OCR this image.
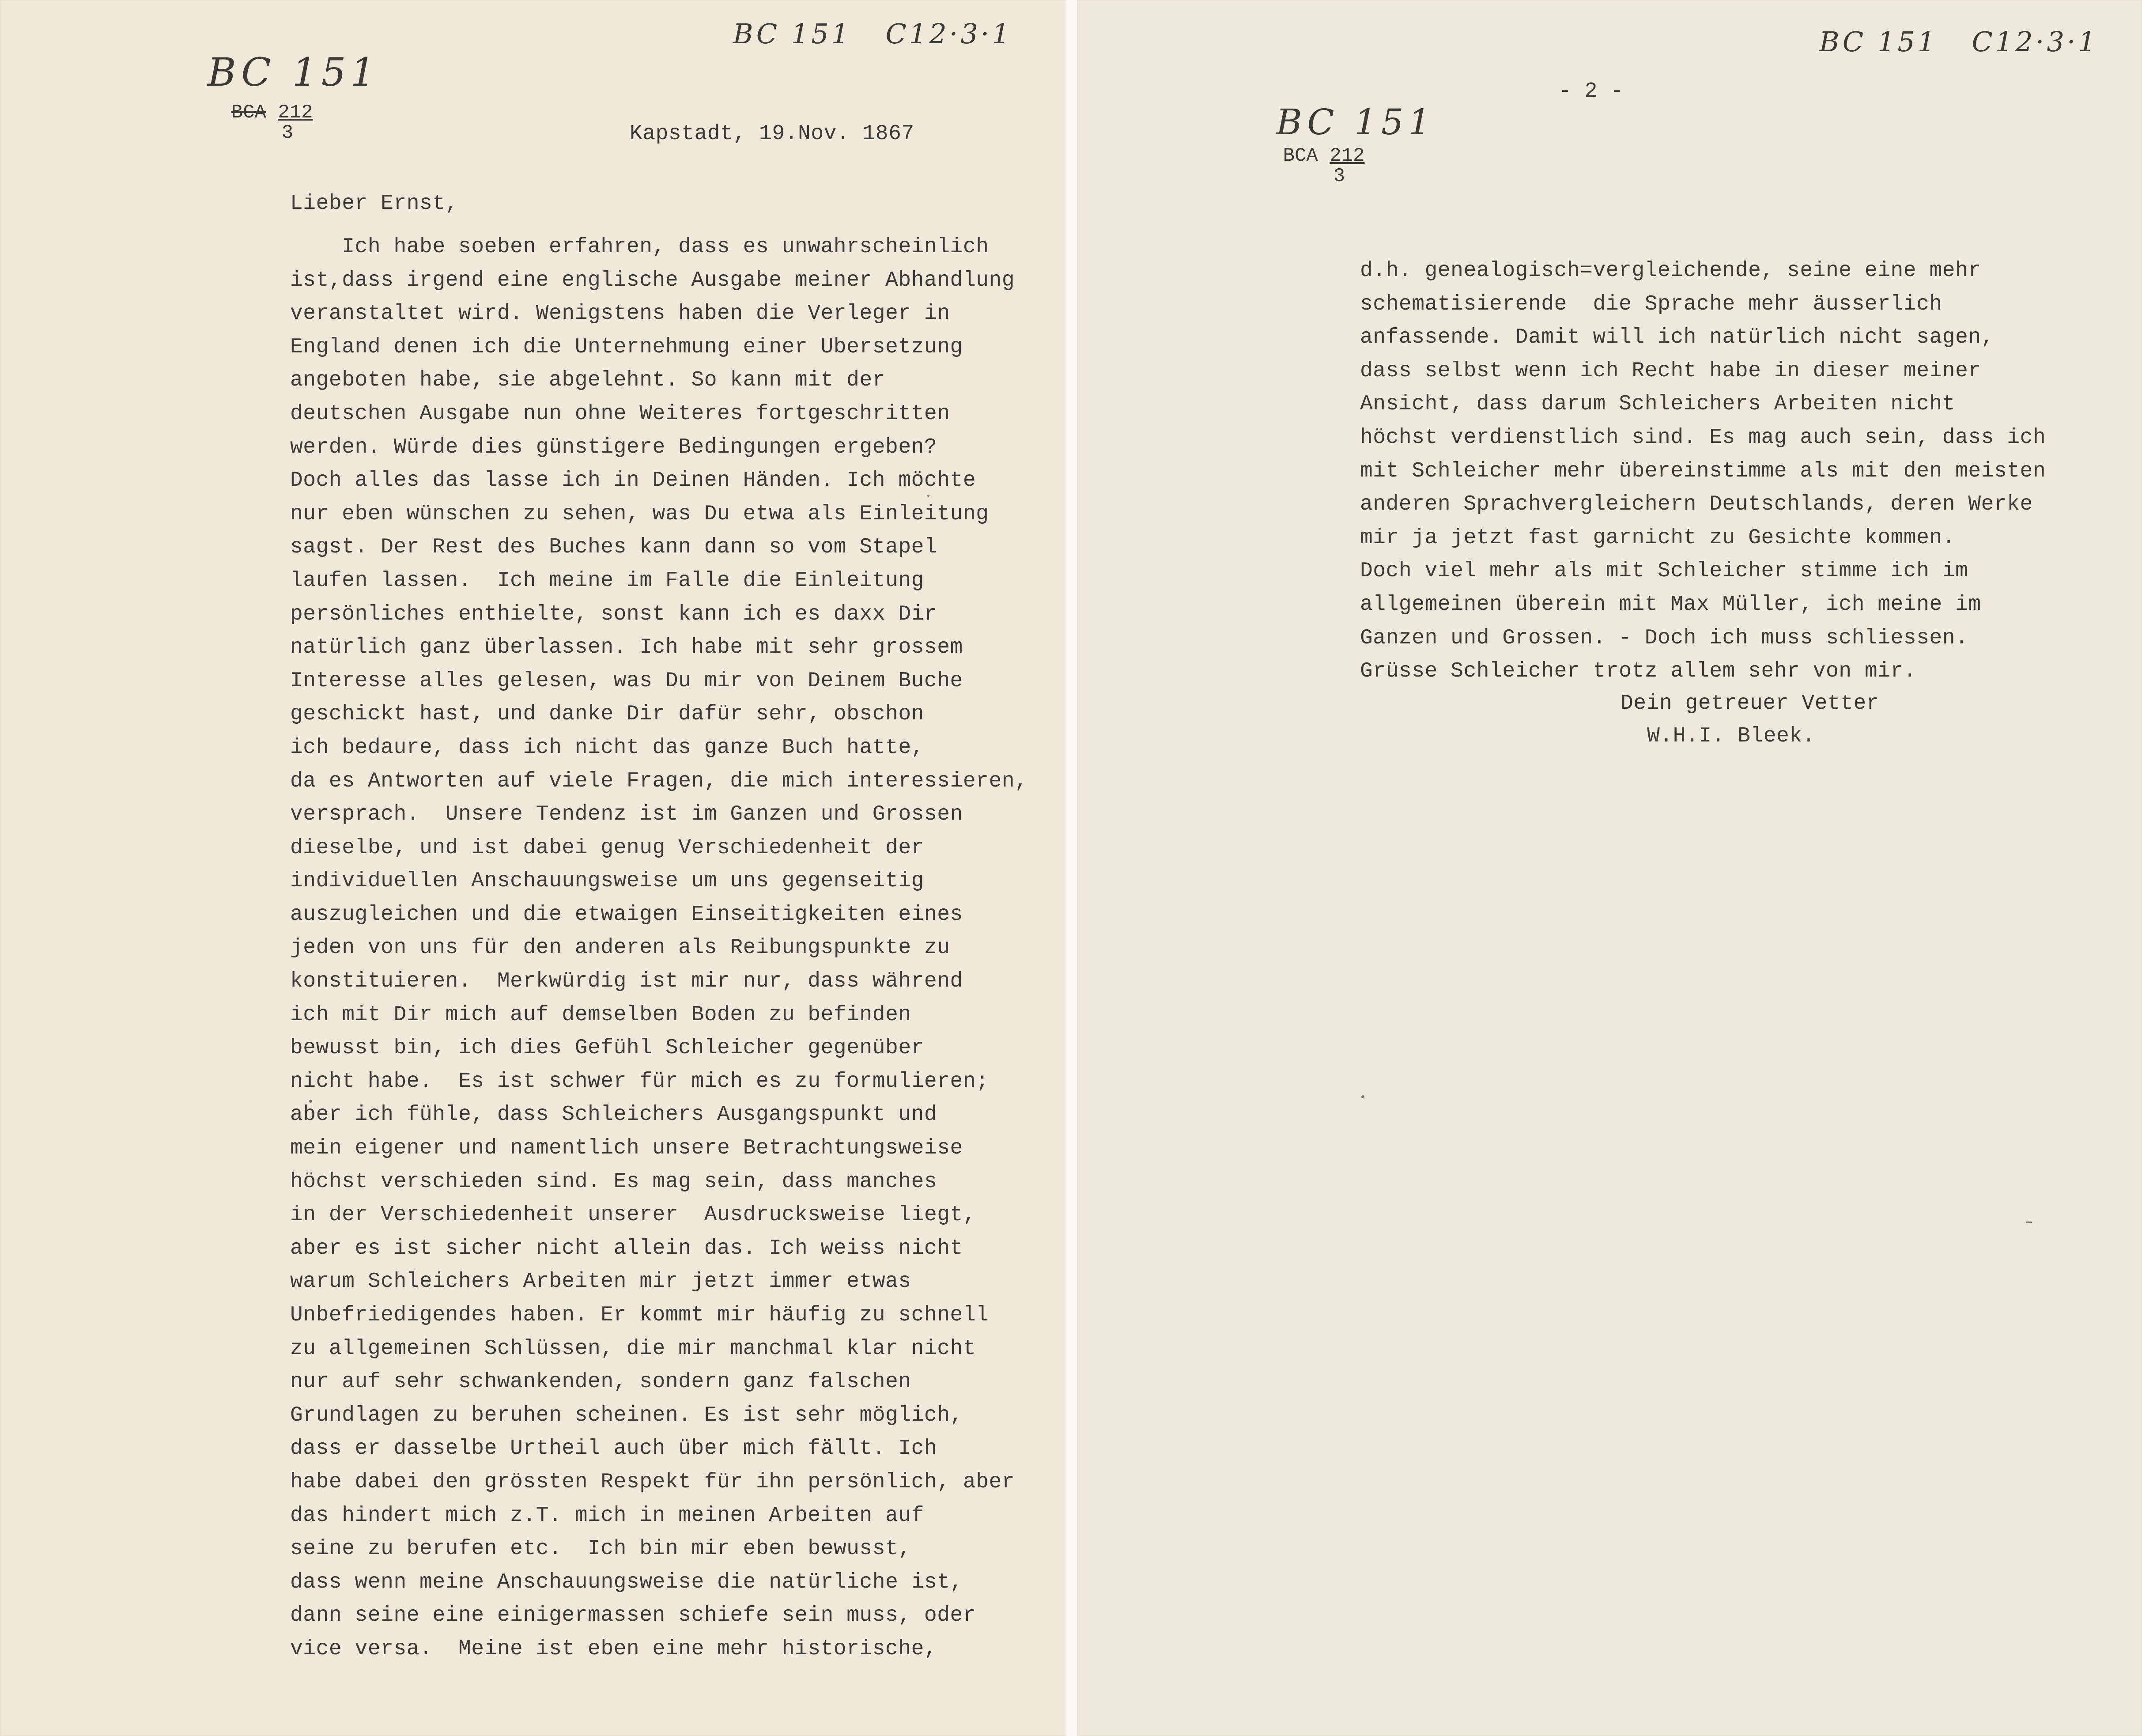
BC 151   C12·3·1
BC 151
BCA 212
3	Kapstadt, 19.Nov. 1867
Lieber Ernst,
Ich habe soeben erfahren, dass es unwahrscheinlich
ist,dass irgend eine englische Ausgabe meiner Abhandlung
veranstaltet wird. Wenigstens haben die Verleger in
England denen ich die Unternehmung einer Ubersetzung
angeboten habe, sie abgelehnt. So kann mit der
deutschen Ausgabe nun ohne Weiteres fortgeschritten
werden. Würde dies günstigere Bedingungen ergeben?
Doch alles das lasse ich in Deinen Händen. Ich möchte
nur eben wünschen zu sehen, was Du etwa als Einleitung
sagst. Der Rest des Buches kann dann so vom Stapel
laufen lassen.  Ich meine im Falle die Einleitung
persönliches enthielte, sonst kann ich es daxx Dir
natürlich ganz überlassen. Ich habe mit sehr grossem
Interesse alles gelesen, was Du mir von Deinem Buche
geschickt hast, und danke Dir dafür sehr, obschon
ich bedaure, dass ich nicht das ganze Buch hatte,
da es Antworten auf viele Fragen, die mich interessieren,
versprach.  Unsere Tendenz ist im Ganzen und Grossen
dieselbe, und ist dabei genug Verschiedenheit der
individuellen Anschauungsweise um uns gegenseitig
auszugleichen und die etwaigen Einseitigkeiten eines
jeden von uns für den anderen als Reibungspunkte zu
konstituieren.  Merkwürdig ist mir nur, dass während
ich mit Dir mich auf demselben Boden zu befinden
bewusst bin, ich dies Gefühl Schleicher gegenüber
nicht habe.  Es ist schwer für mich es zu formulieren;
aber ich fühle, dass Schleichers Ausgangspunkt und
mein eigener und namentlich unsere Betrachtungsweise
höchst verschieden sind. Es mag sein, dass manches
in der Verschiedenheit unserer  Ausdrucksweise liegt,
aber es ist sicher nicht allein das. Ich weiss nicht
warum Schleichers Arbeiten mir jetzt immer etwas
Unbefriedigendes haben. Er kommt mir häufig zu schnell
zu allgemeinen Schlüssen, die mir manchmal klar nicht
nur auf sehr schwankenden, sondern ganz falschen
Grundlagen zu beruhen scheinen. Es ist sehr möglich,
dass er dasselbe Urtheil auch über mich fällt. Ich
habe dabei den grössten Respekt für ihn persönlich, aber
das hindert mich z.T. mich in meinen Arbeiten auf
seine zu berufen etc.  Ich bin mir eben bewusst,
dass wenn meine Anschauungsweise die natürliche ist,
dann seine eine einigermassen schiefe sein muss, oder
vice versa.  Meine ist eben eine mehr historische,
BC 151   C12·3·1
- 2 -
BC 151
BCA 212
3
d.h. genealogisch=vergleichende, seine eine mehr
schematisierende  die Sprache mehr äusserlich
anfassende. Damit will ich natürlich nicht sagen,
dass selbst wenn ich Recht habe in dieser meiner
Ansicht, dass darum Schleichers Arbeiten nicht
höchst verdienstlich sind. Es mag auch sein, dass ich
mit Schleicher mehr übereinstimme als mit den meisten
anderen Sprachvergleichern Deutschlands, deren Werke
mir ja jetzt fast garnicht zu Gesichte kommen.
Doch viel mehr als mit Schleicher stimme ich im
allgemeinen überein mit Max Müller, ich meine im
Ganzen und Grossen. - Doch ich muss schliessen.
Grüsse Schleicher trotz allem sehr von mir.
Dein getreuer Vetter
W.H.I. Bleek.
